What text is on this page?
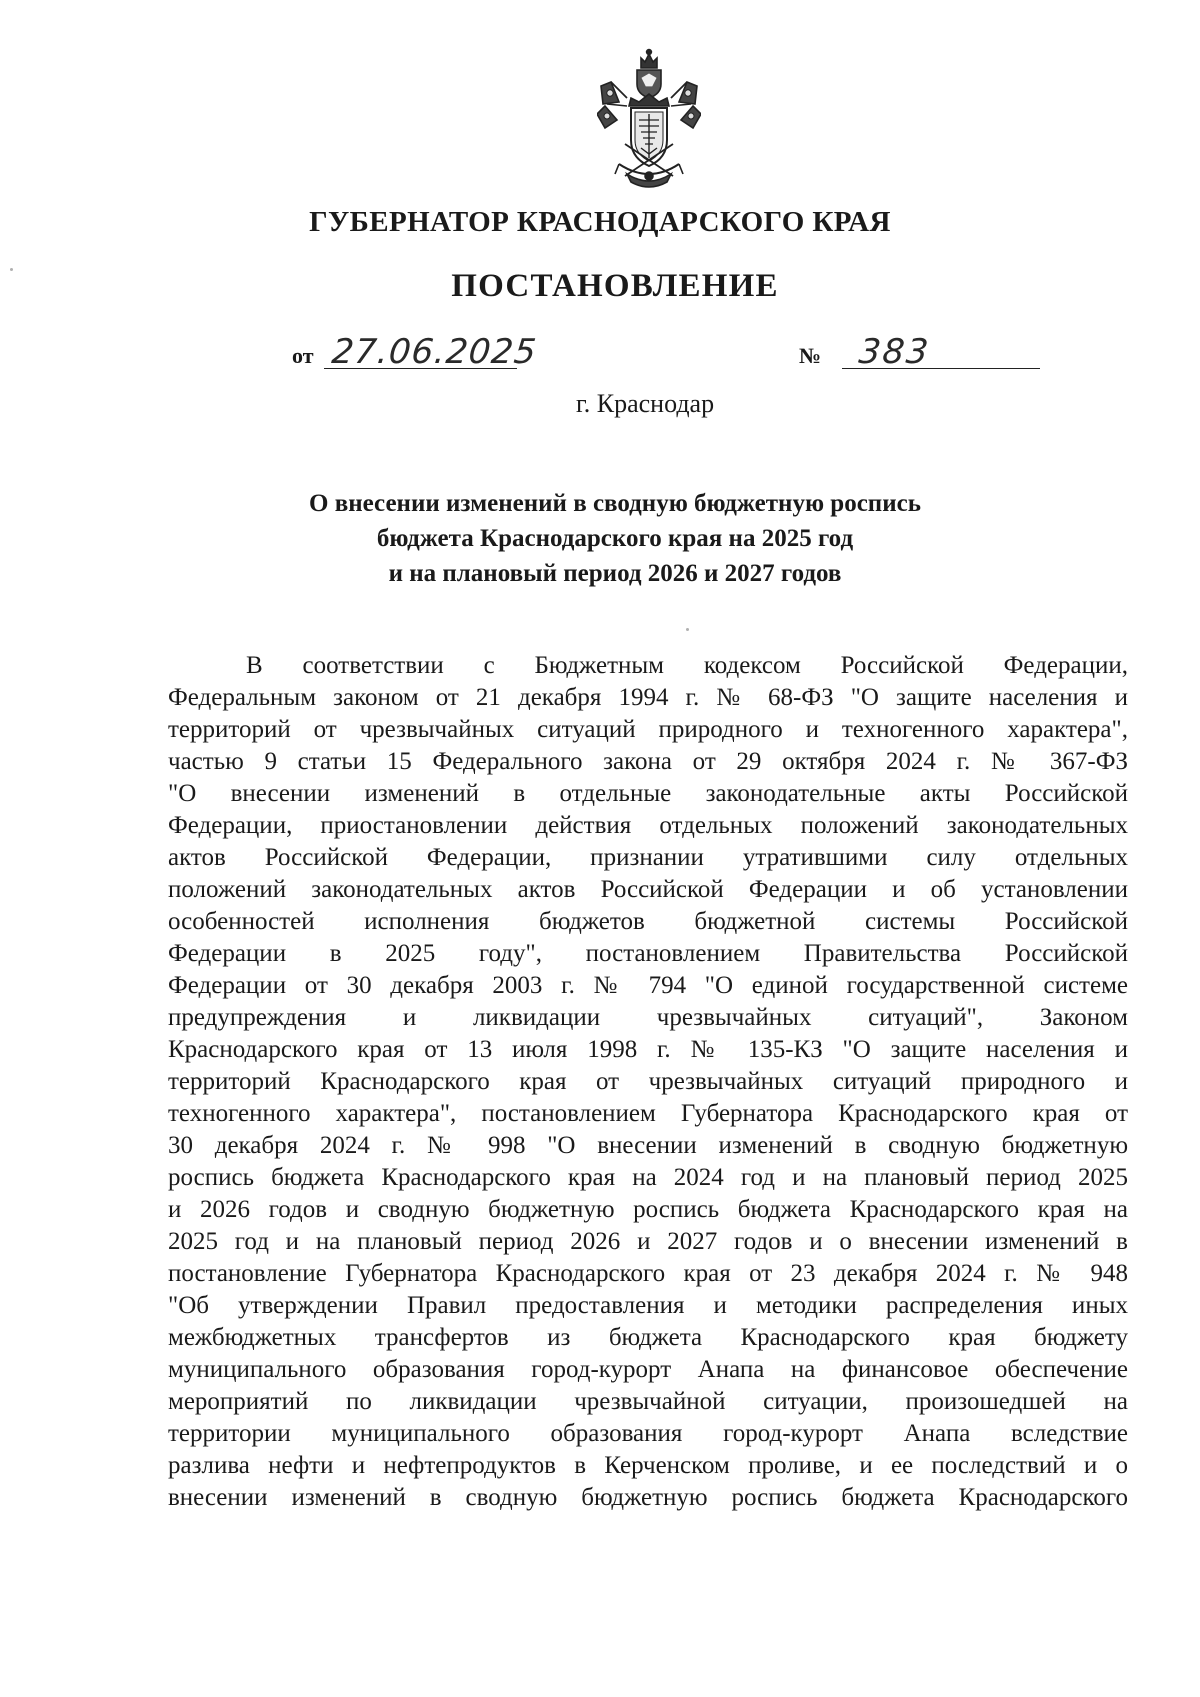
ГУБЕРНАТОР КРАСНОДАРСКОГО КРАЯ
ПОСТАНОВЛЕНИЕ
от 27.06.2025	№ 383

г. Краснодар

О внесении изменений в сводную бюджетную роспись
бюджета Краснодарского края на 2025 год
и на плановый период 2026 и 2027 годов
В соответствии с Бюджетным кодексом Российской Федерации,
Федеральным законом от 21 декабря 1994 г. № 68-ФЗ "О защите населения и
территорий от чрезвычайных ситуаций природного и техногенного характера",
частью 9 статьи 15 Федерального закона от 29 октября 2024 г. № 367-ФЗ
"О внесении изменений в отдельные законодательные акты Российской
Федерации, приостановлении действия отдельных положений законодательных
актов Российской Федерации, признании утратившими силу отдельных
положений законодательных актов Российской Федерации и об установлении
особенностей исполнения бюджетов бюджетной системы Российской
Федерации в 2025 году", постановлением Правительства Российской
Федерации от 30 декабря 2003 г. № 794 "О единой государственной системе
предупреждения и ликвидации чрезвычайных ситуаций", Законом
Краснодарского края от 13 июля 1998 г. № 135-КЗ "О защите населения и
территорий Краснодарского края от чрезвычайных ситуаций природного и
техногенного характера", постановлением Губернатора Краснодарского края от
30 декабря 2024 г. № 998 "О внесении изменений в сводную бюджетную
роспись бюджета Краснодарского края на 2024 год и на плановый период 2025
и 2026 годов и сводную бюджетную роспись бюджета Краснодарского края на
2025 год и на плановый период 2026 и 2027 годов и о внесении изменений в
постановление Губернатора Краснодарского края от 23 декабря 2024 г. № 948
"Об утверждении Правил предоставления и методики распределения иных
межбюджетных трансфертов из бюджета Краснодарского края бюджету
муниципального образования город-курорт Анапа на финансовое обеспечение
мероприятий по ликвидации чрезвычайной ситуации, произошедшей на
территории муниципального образования город-курорт Анапа вследствие
разлива нефти и нефтепродуктов в Керченском проливе, и ее последствий и о
внесении изменений в сводную бюджетную роспись бюджета Краснодарского
